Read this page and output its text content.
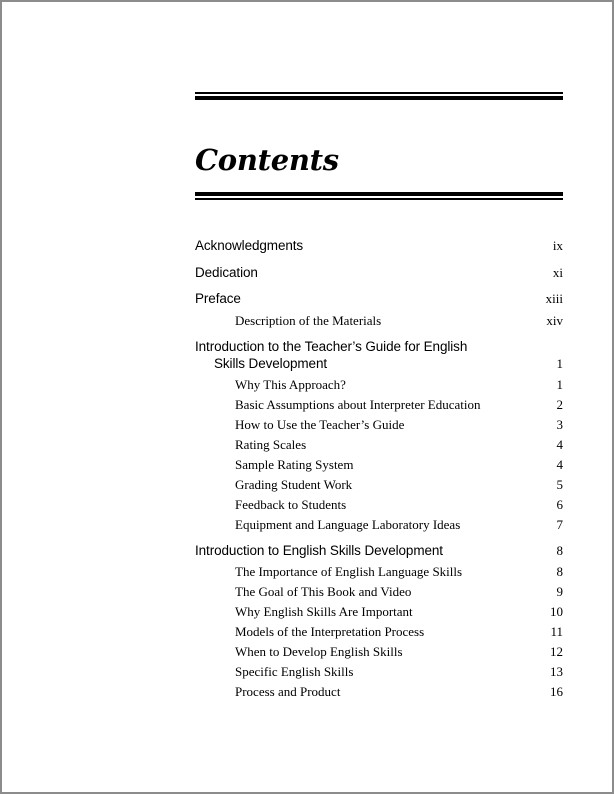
Contents
Acknowledgments	ix
Dedication	xi
Preface	xiii
Description of the Materials	xiv
Introduction to the Teacher’s Guide for English
Skills Development	1
Why This Approach?	1
Basic Assumptions about Interpreter Education	2
How to Use the Teacher’s Guide	3
Rating Scales	4
Sample Rating System	4
Grading Student Work	5
Feedback to Students	6
Equipment and Language Laboratory Ideas	7
Introduction to English Skills Development	8
The Importance of English Language Skills	8
The Goal of This Book and Video	9
Why English Skills Are Important	10
Models of the Interpretation Process	11
When to Develop English Skills	12
Specific English Skills	13
Process and Product	16
